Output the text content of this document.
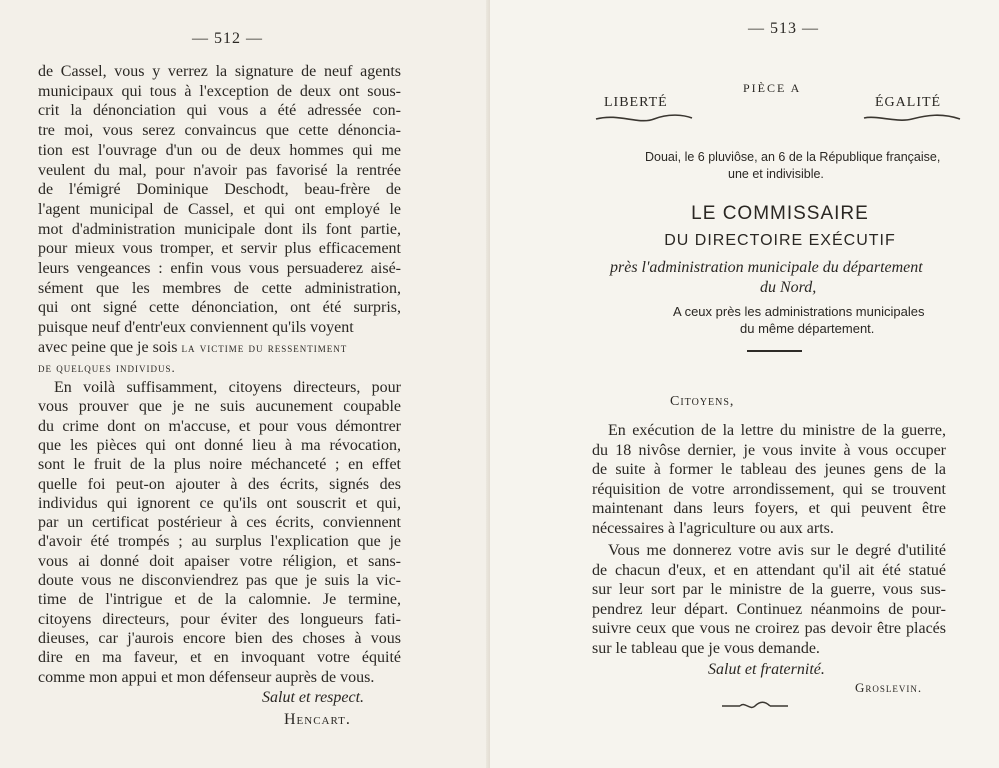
— 512 —
de Cassel, vous y verrez la signature de neuf agents
municipaux qui tous à l'exception de deux ont sous-
crit la dénonciation qui vous a été adressée con-
tre moi, vous serez convaincus que cette dénoncia-
tion est l'ouvrage d'un ou de deux hommes qui me
veulent du mal, pour n'avoir pas favorisé la rentrée
de l'émigré Dominique Deschodt, beau-frère de
l'agent municipal de Cassel, et qui ont employé le
mot d'administration municipale dont ils font partie,
pour mieux vous tromper, et servir plus efficacement
leurs vengeances : enfin vous vous persuaderez aisé-
sément que les membres de cette administration,
qui ont signé cette dénonciation, ont été surpris,
puisque neuf d'entr'eux conviennent qu'ils voyent
avec peine que je sois la victime du ressentiment
de quelques individus.
En voilà suffisamment, citoyens directeurs, pour
vous prouver que je ne suis aucunement coupable
du crime dont on m'accuse, et pour vous démontrer
que les pièces qui ont donné lieu à ma révocation,
sont le fruit de la plus noire méchanceté ; en effet
quelle foi peut-on ajouter à des écrits, signés des
individus qui ignorent ce qu'ils ont souscrit et qui,
par un certificat postérieur à ces écrits, conviennent
d'avoir été trompés ; au surplus l'explication que je
vous ai donné doit apaiser votre réligion, et sans-
doute vous ne disconviendrez pas que je suis la vic-
time de l'intrigue et de la calomnie. Je termine,
citoyens directeurs, pour éviter des longueurs fati-
dieuses, car j'aurois encore bien des choses à vous
dire en ma faveur, et en invoquant votre équité
comme mon appui et mon défenseur auprès de vous.
Salut et respect.
Hencart.
— 513 —
PIÈCE A
LIBERTÉ	ÉGALITÉ
Douai, le 6 pluviôse, an 6 de la République française,
une et indivisible.
LE COMMISSAIRE
DU DIRECTOIRE EXÉCUTIF
près l'administration municipale du département
du Nord,
A ceux près les administrations municipales
du même département.
Citoyens,
En exécution de la lettre du ministre de la guerre,
du 18 nivôse dernier, je vous invite à vous occuper
de suite à former le tableau des jeunes gens de la
réquisition de votre arrondissement, qui se trouvent
maintenant dans leurs foyers, et qui peuvent être
nécessaires à l'agriculture ou aux arts.
Vous me donnerez votre avis sur le degré d'utilité
de chacun d'eux, et en attendant qu'il ait été statué
sur leur sort par le ministre de la guerre, vous sus-
pendrez leur départ. Continuez néanmoins de pour-
suivre ceux que vous ne croirez pas devoir être placés
sur le tableau que je vous demande.
Salut et fraternité.
Groslevin.
